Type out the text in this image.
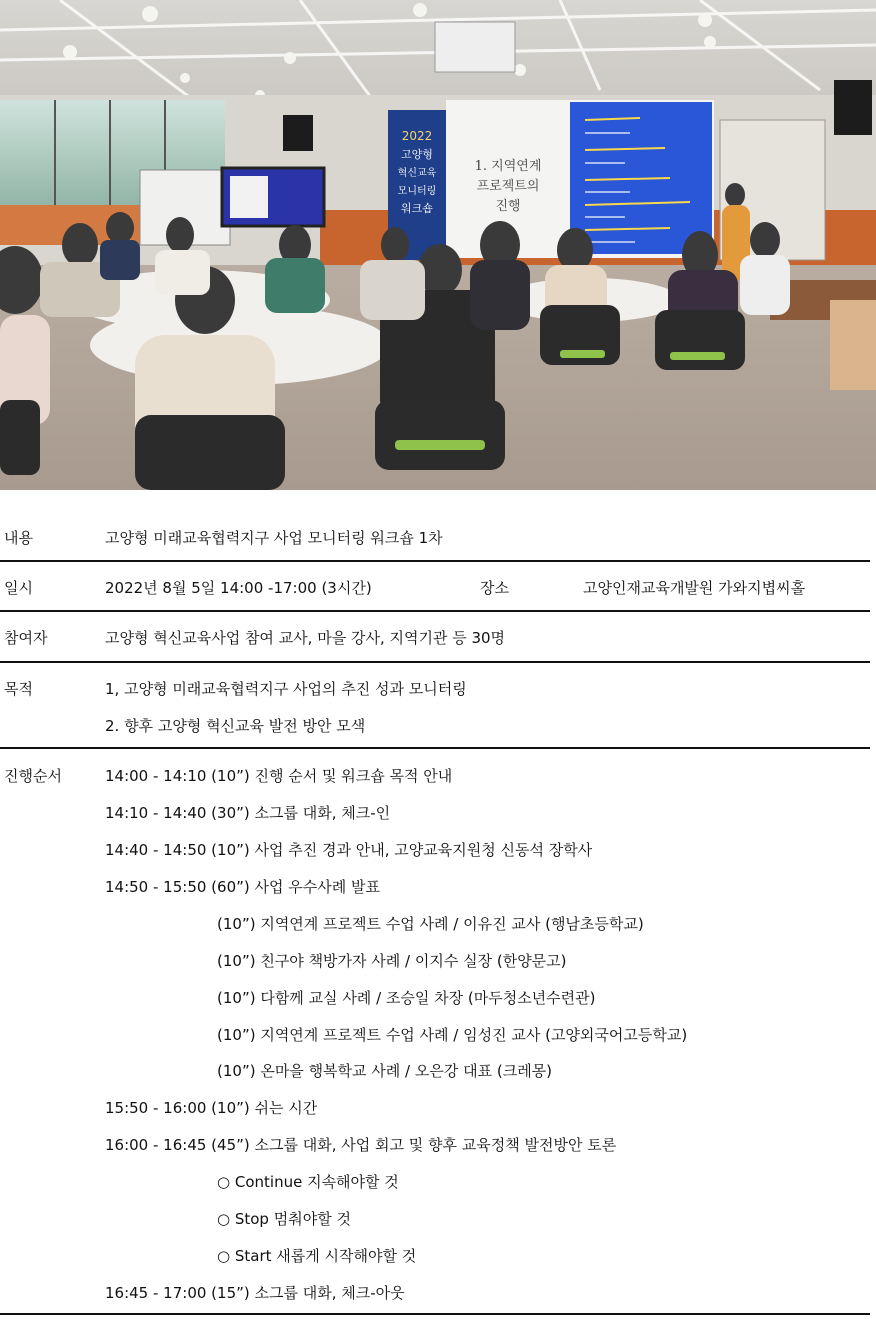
2022
고양형
혁신교육
모니터링
워크숍
1. 지역연계
프로젝트의
진행
내용	고양형 미래교육협력지구 사업 모니터링 워크숍 1차
일시	2022년 8월 5일 14:00 -17:00 (3시간)	장소	고양인재교육개발원 가와지볍씨홀
참여자	고양형 혁신교육사업 참여 교사, 마을 강사, 지역기관 등 30명
목적	1, 고양형 미래교육협력지구 사업의 추진 성과 모니터링
2. 향후 고양형 혁신교육 발전 방안 모색
진행순서	14:00 - 14:10 (10”) 진행 순서 및 워크숍 목적 안내
14:10 - 14:40 (30”) 소그룹 대화, 체크-인
14:40 - 14:50 (10”) 사업 추진 경과 안내, 고양교육지원청 신동석 장학사
14:50 - 15:50 (60”) 사업 우수사례 발표
(10”) 지역연계 프로젝트 수업 사례 / 이유진 교사 (행남초등학교)
(10”) 친구야 책방가자 사례 / 이지수 실장 (한양문고)
(10”) 다함께 교실 사례 / 조승일 차장 (마두청소년수련관)
(10”) 지역연계 프로젝트 수업 사례 / 임성진 교사 (고양외국어고등학교)
(10”) 온마을 행복학교 사례 / 오은강 대표 (크레몽)
15:50 - 16:00 (10”) 쉬는 시간
16:00 - 16:45 (45”) 소그룹 대화, 사업 회고 및 향후 교육정책 발전방안 토론
○ Continue 지속해야할 것
○ Stop 멈춰야할 것
○ Start 새롭게 시작해야할 것
16:45 - 17:00 (15”) 소그룹 대화, 체크-아웃
